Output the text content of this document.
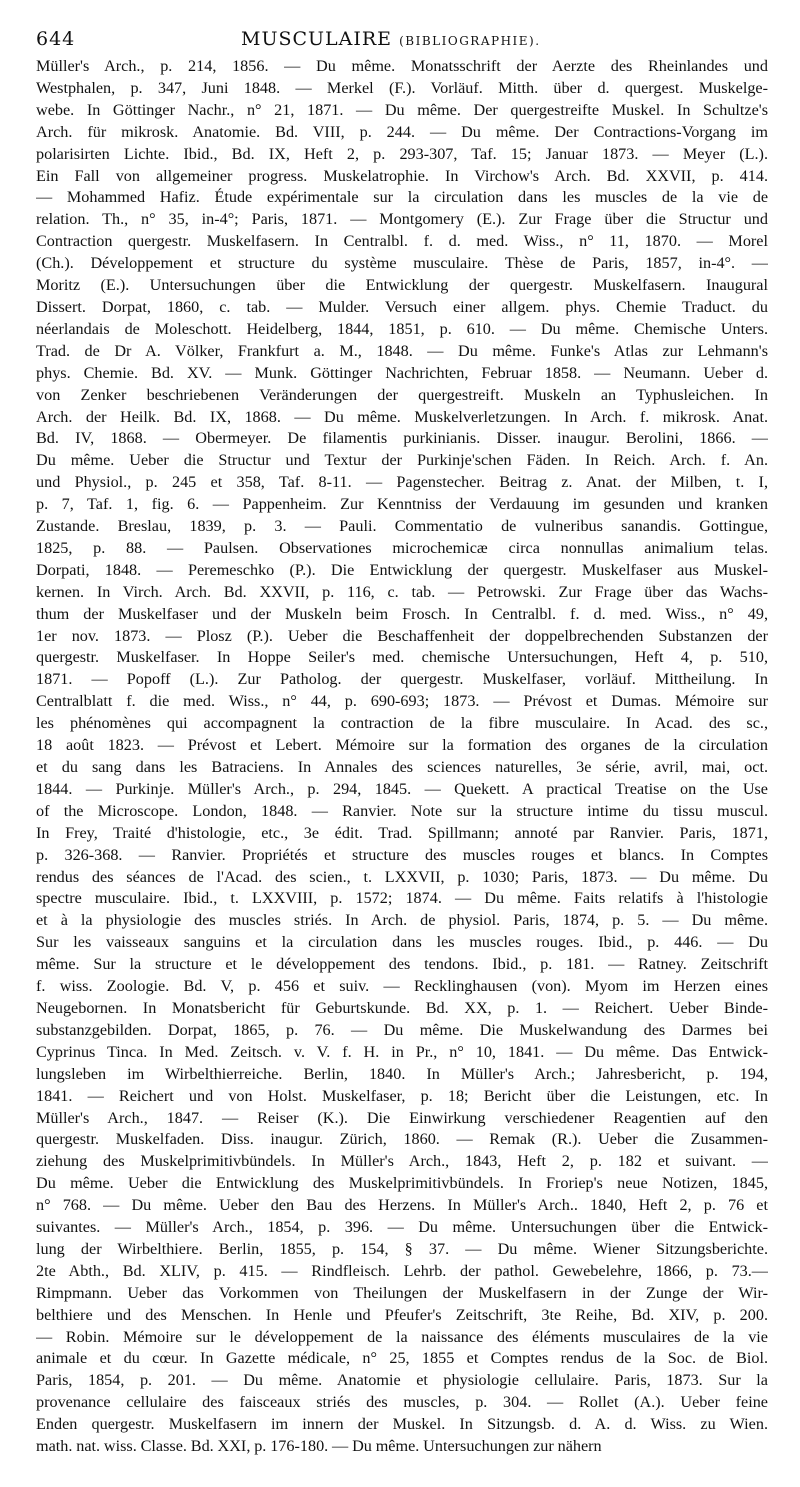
644	MUSCULAIRE (BIBLIOGRAPHIE).
Müller's Arch., p. 214, 1856. — Du même. Monatsschrift der Aerzte des Rheinlandes und
Westphalen, p. 347, Juni 1848. — Merkel (F.). Vorläuf. Mitth. über d. quergest. Muskelge-
webe. In Göttinger Nachr., n° 21, 1871. — Du même. Der quergestreifte Muskel. In Schultze's
Arch. für mikrosk. Anatomie. Bd. VIII, p. 244. — Du même. Der Contractions-Vorgang im
polarisirten Lichte. Ibid., Bd. IX, Heft 2, p. 293-307, Taf. 15; Januar 1873. — Meyer (L.).
Ein Fall von allgemeiner progress. Muskelatrophie. In Virchow's Arch. Bd. XXVII, p. 414.
— Mohammed Hafiz. Étude expérimentale sur la circulation dans les muscles de la vie de
relation. Th., n° 35, in-4°; Paris, 1871. — Montgomery (E.). Zur Frage über die Structur und
Contraction quergestr. Muskelfasern. In Centralbl. f. d. med. Wiss., n° 11, 1870. — Morel
(Ch.). Développement et structure du système musculaire. Thèse de Paris, 1857, in-4°. —
Moritz (E.). Untersuchungen über die Entwicklung der quergestr. Muskelfasern. Inaugural
Dissert. Dorpat, 1860, c. tab. — Mulder. Versuch einer allgem. phys. Chemie Traduct. du
néerlandais de Moleschott. Heidelberg, 1844, 1851, p. 610. — Du même. Chemische Unters.
Trad. de Dr A. Völker, Frankfurt a. M., 1848. — Du même. Funke's Atlas zur Lehmann's
phys. Chemie. Bd. XV. — Munk. Göttinger Nachrichten, Februar 1858. — Neumann. Ueber d.
von Zenker beschriebenen Veränderungen der quergestreift. Muskeln an Typhusleichen. In
Arch. der Heilk. Bd. IX, 1868. — Du même. Muskelverletzungen. In Arch. f. mikrosk. Anat.
Bd. IV, 1868. — Obermeyer. De filamentis purkinianis. Disser. inaugur. Berolini, 1866. —
Du même. Ueber die Structur und Textur der Purkinje'schen Fäden. In Reich. Arch. f. An.
und Physiol., p. 245 et 358, Taf. 8-11. — Pagenstecher. Beitrag z. Anat. der Milben, t. I,
p. 7, Taf. 1, fig. 6. — Pappenheim. Zur Kenntniss der Verdauung im gesunden und kranken
Zustande. Breslau, 1839, p. 3. — Pauli. Commentatio de vulneribus sanandis. Gottingue,
1825, p. 88. — Paulsen. Observationes microchemicæ circa nonnullas animalium telas.
Dorpati, 1848. — Peremeschko (P.). Die Entwicklung der quergestr. Muskelfaser aus Muskel-
kernen. In Virch. Arch. Bd. XXVII, p. 116, c. tab. — Petrowski. Zur Frage über das Wachs-
thum der Muskelfaser und der Muskeln beim Frosch. In Centralbl. f. d. med. Wiss., n° 49,
1er nov. 1873. — Plosz (P.). Ueber die Beschaffenheit der doppelbrechenden Substanzen der
quergestr. Muskelfaser. In Hoppe Seiler's med. chemische Untersuchungen, Heft 4, p. 510,
1871. — Popoff (L.). Zur Patholog. der quergestr. Muskelfaser, vorläuf. Mittheilung. In
Centralblatt f. die med. Wiss., n° 44, p. 690-693; 1873. — Prévost et Dumas. Mémoire sur
les phénomènes qui accompagnent la contraction de la fibre musculaire. In Acad. des sc.,
18 août 1823. — Prévost et Lebert. Mémoire sur la formation des organes de la circulation
et du sang dans les Batraciens. In Annales des sciences naturelles, 3e série, avril, mai, oct.
1844. — Purkinje. Müller's Arch., p. 294, 1845. — Quekett. A practical Treatise on the Use
of the Microscope. London, 1848. — Ranvier. Note sur la structure intime du tissu muscul.
In Frey, Traité d'histologie, etc., 3e édit. Trad. Spillmann; annoté par Ranvier. Paris, 1871,
p. 326-368. — Ranvier. Propriétés et structure des muscles rouges et blancs. In Comptes
rendus des séances de l'Acad. des scien., t. LXXVII, p. 1030; Paris, 1873. — Du même. Du
spectre musculaire. Ibid., t. LXXVIII, p. 1572; 1874. — Du même. Faits relatifs à l'histologie
et à la physiologie des muscles striés. In Arch. de physiol. Paris, 1874, p. 5. — Du même.
Sur les vaisseaux sanguins et la circulation dans les muscles rouges. Ibid., p. 446. — Du
même. Sur la structure et le développement des tendons. Ibid., p. 181. — Ratney. Zeitschrift
f. wiss. Zoologie. Bd. V, p. 456 et suiv. — Recklinghausen (von). Myom im Herzen eines
Neugebornen. In Monatsbericht für Geburtskunde. Bd. XX, p. 1. — Reichert. Ueber Binde-
substanzgebilden. Dorpat, 1865, p. 76. — Du même. Die Muskelwandung des Darmes bei
Cyprinus Tinca. In Med. Zeitsch. v. V. f. H. in Pr., n° 10, 1841. — Du même. Das Entwick-
lungsleben im Wirbelthierreiche. Berlin, 1840. In Müller's Arch.; Jahresbericht, p. 194,
1841. — Reichert und von Holst. Muskelfaser, p. 18; Bericht über die Leistungen, etc. In
Müller's Arch., 1847. — Reiser (K.). Die Einwirkung verschiedener Reagentien auf den
quergestr. Muskelfaden. Diss. inaugur. Zürich, 1860. — Remak (R.). Ueber die Zusammen-
ziehung des Muskelprimitivbündels. In Müller's Arch., 1843, Heft 2, p. 182 et suivant. —
Du même. Ueber die Entwicklung des Muskelprimitivbündels. In Froriep's neue Notizen, 1845,
n° 768. — Du même. Ueber den Bau des Herzens. In Müller's Arch.. 1840, Heft 2, p. 76 et
suivantes. — Müller's Arch., 1854, p. 396. — Du même. Untersuchungen über die Entwick-
lung der Wirbelthiere. Berlin, 1855, p. 154, § 37. — Du même. Wiener Sitzungsberichte.
2te Abth., Bd. XLIV, p. 415. — Rindfleisch. Lehrb. der pathol. Gewebelehre, 1866, p. 73.—
Rimpmann. Ueber das Vorkommen von Theilungen der Muskelfasern in der Zunge der Wir-
belthiere und des Menschen. In Henle und Pfeufer's Zeitschrift, 3te Reihe, Bd. XIV, p. 200.
— Robin. Mémoire sur le développement de la naissance des éléments musculaires de la vie
animale et du cœur. In Gazette médicale, n° 25, 1855 et Comptes rendus de la Soc. de Biol.
Paris, 1854, p. 201. — Du même. Anatomie et physiologie cellulaire. Paris, 1873. Sur la
provenance cellulaire des faisceaux striés des muscles, p. 304. — Rollet (A.). Ueber feine
Enden quergestr. Muskelfasern im innern der Muskel. In Sitzungsb. d. A. d. Wiss. zu Wien.
math. nat. wiss. Classe. Bd. XXI, p. 176-180. — Du même. Untersuchungen zur nähern
